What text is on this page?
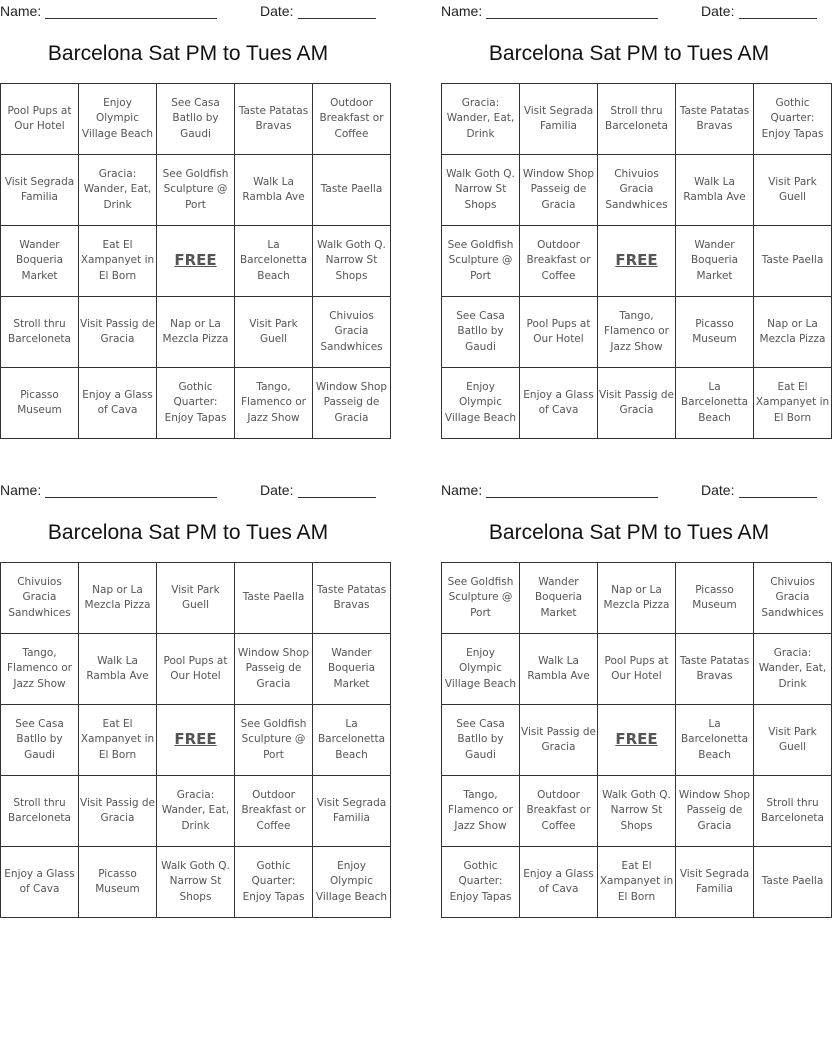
Name:	Date:
Barcelona Sat PM to Tues AM
Pool Pups at Our Hotel	Enjoy Olympic Village Beach	See Casa Batllo by Gaudi	Taste Patatas Bravas	Outdoor Breakfast or Coffee
Visit Segrada Familia	Gracia: Wander, Eat, Drink	See Goldfish Sculpture @ Port	Walk La Rambla Ave	Taste Paella
Wander Boqueria Market	Eat El Xampanyet in El Born	FREE	La Barcelonetta Beach	Walk Goth Q. Narrow St Shops
Stroll thru Barceloneta	Visit Passig de Gracia	Nap or La Mezcla Pizza	Visit Park Guell	Chivuios Gracia Sandwhices
Picasso Museum	Enjoy a Glass of Cava	Gothic Quarter: Enjoy Tapas	Tango, Flamenco or Jazz Show	Window Shop Passeig de Gracia
Name:	Date:
Barcelona Sat PM to Tues AM
Gracia: Wander, Eat, Drink	Visit Segrada Familia	Stroll thru Barceloneta	Taste Patatas Bravas	Gothic Quarter: Enjoy Tapas
Walk Goth Q. Narrow St Shops	Window Shop Passeig de Gracia	Chivuios Gracia Sandwhices	Walk La Rambla Ave	Visit Park Guell
See Goldfish Sculpture @ Port	Outdoor Breakfast or Coffee	FREE	Wander Boqueria Market	Taste Paella
See Casa Batllo by Gaudi	Pool Pups at Our Hotel	Tango, Flamenco or Jazz Show	Picasso Museum	Nap or La Mezcla Pizza
Enjoy Olympic Village Beach	Enjoy a Glass of Cava	Visit Passig de Gracia	La Barcelonetta Beach	Eat El Xampanyet in El Born
Name:	Date:
Barcelona Sat PM to Tues AM
Chivuios Gracia Sandwhices	Nap or La Mezcla Pizza	Visit Park Guell	Taste Paella	Taste Patatas Bravas
Tango, Flamenco or Jazz Show	Walk La Rambla Ave	Pool Pups at Our Hotel	Window Shop Passeig de Gracia	Wander Boqueria Market
See Casa Batllo by Gaudi	Eat El Xampanyet in El Born	FREE	See Goldfish Sculpture @ Port	La Barcelonetta Beach
Stroll thru Barceloneta	Visit Passig de Gracia	Gracia: Wander, Eat, Drink	Outdoor Breakfast or Coffee	Visit Segrada Familia
Enjoy a Glass of Cava	Picasso Museum	Walk Goth Q. Narrow St Shops	Gothic Quarter: Enjoy Tapas	Enjoy Olympic Village Beach
Name:	Date:
Barcelona Sat PM to Tues AM
See Goldfish Sculpture @ Port	Wander Boqueria Market	Nap or La Mezcla Pizza	Picasso Museum	Chivuios Gracia Sandwhices
Enjoy Olympic Village Beach	Walk La Rambla Ave	Pool Pups at Our Hotel	Taste Patatas Bravas	Gracia: Wander, Eat, Drink
See Casa Batllo by Gaudi	Visit Passig de Gracia	FREE	La Barcelonetta Beach	Visit Park Guell
Tango, Flamenco or Jazz Show	Outdoor Breakfast or Coffee	Walk Goth Q. Narrow St Shops	Window Shop Passeig de Gracia	Stroll thru Barceloneta
Gothic Quarter: Enjoy Tapas	Enjoy a Glass of Cava	Eat El Xampanyet in El Born	Visit Segrada Familia	Taste Paella
